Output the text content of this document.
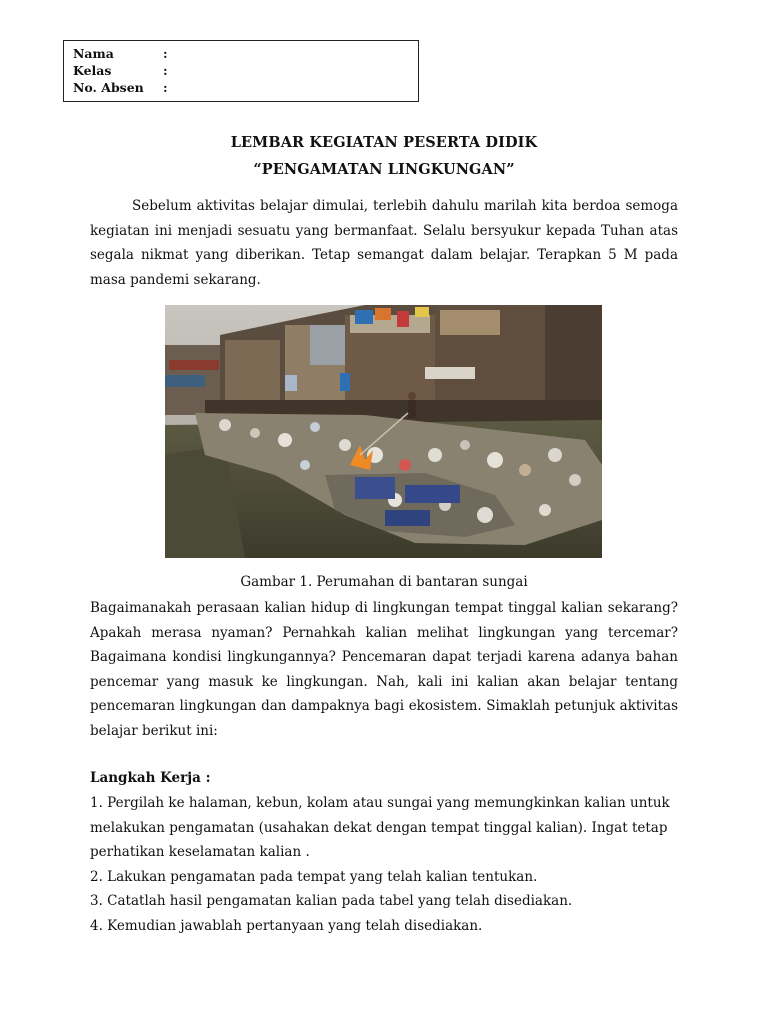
Nama	:
Kelas	:
No. Absen	:
LEMBAR KEGIATAN PESERTA DIDIK
“PENGAMATAN LINGKUNGAN”
Sebelum aktivitas belajar dimulai, terlebih dahulu marilah kita berdoa semoga kegiatan ini menjadi sesuatu yang bermanfaat. Selalu bersyukur kepada Tuhan atas segala nikmat yang diberikan. Tetap semangat dalam belajar. Terapkan 5 M pada masa pandemi sekarang.
Gambar 1. Perumahan di bantaran sungai
Bagaimanakah perasaan kalian hidup di lingkungan tempat tinggal kalian sekarang? Apakah merasa nyaman? Pernahkah kalian melihat lingkungan yang tercemar? Bagaimana kondisi lingkungannya? Pencemaran dapat terjadi karena adanya bahan pencemar yang masuk ke lingkungan. Nah, kali ini kalian akan belajar tentang pencemaran lingkungan dan dampaknya bagi ekosistem. Simaklah petunjuk aktivitas belajar berikut ini:
Langkah Kerja :

1. Pergilah ke halaman, kebun, kolam atau sungai yang memungkinkan kalian untuk melakukan pengamatan (usahakan dekat dengan tempat tinggal kalian). Ingat tetap perhatikan keselamatan kalian .

2. Lakukan pengamatan pada tempat yang telah kalian tentukan.

3. Catatlah hasil pengamatan kalian pada tabel yang telah disediakan.

4. Kemudian jawablah pertanyaan yang telah disediakan.
